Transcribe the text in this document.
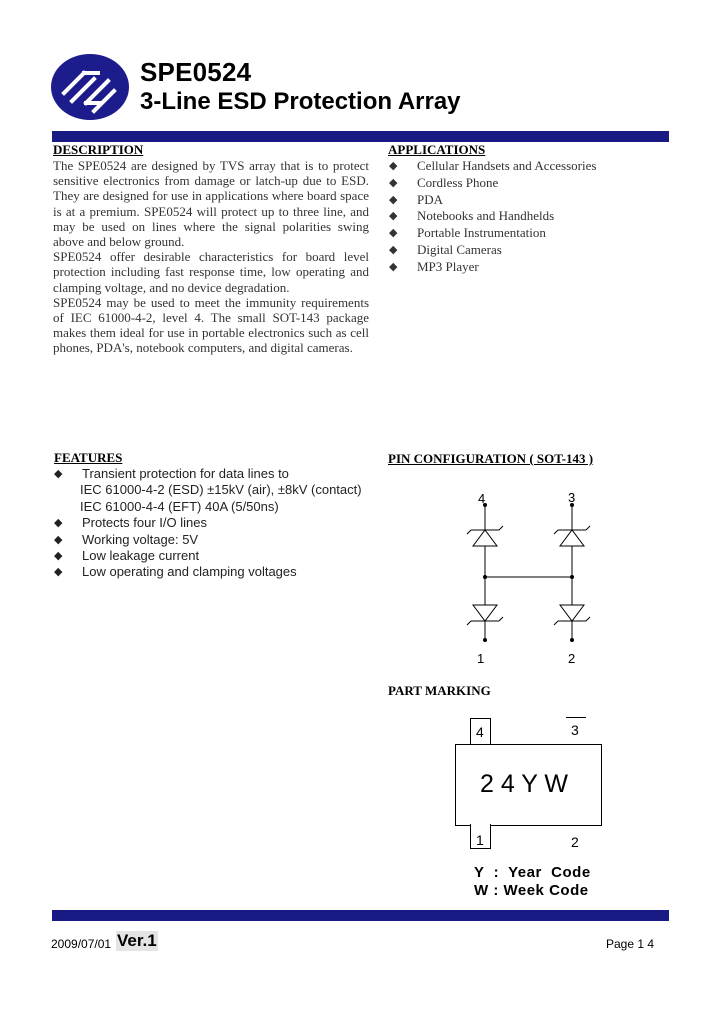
SPE0524
3-Line ESD Protection Array
DESCRIPTION

The SPE0524 are designed by TVS array that is to protect sensitive electronics from damage or latch-up due to ESD. They are designed for use in applications where board space is at a premium. SPE0524 will protect up to three line, and may be used on lines where the signal polarities swing above and below ground.

SPE0524 offer desirable characteristics for board level protection including fast response time, low operating and clamping voltage, and no device degradation.

SPE0524 may be used to meet the immunity requirements of IEC 61000-4-2, level 4. The small SOT-143 package makes them ideal for use in portable electronics such as cell phones, PDA's, notebook computers, and digital cameras.

APPLICATIONS
◆ Cellular Handsets and Accessories
◆ Cordless Phone
◆ PDA
◆ Notebooks and Handhelds
◆ Portable Instrumentation
◆ Digital Cameras
◆ MP3 Player
FEATURES
◆ Transient protection for data lines to
IEC 61000-4-2 (ESD) ±15kV (air), ±8kV (contact)
IEC 61000-4-4 (EFT) 40A (5/50ns)
◆ Protects four I/O lines
◆ Working voltage: 5V
◆ Low leakage current
◆ Low operating and clamping voltages
PIN CONFIGURATION ( SOT-143 )
4	3
1	2
PART MARKING
4	3
2 4 Y W
1	2
Y  :  Year  Code
W : Week Code
2009/07/01 Ver.1	Page 1 4
